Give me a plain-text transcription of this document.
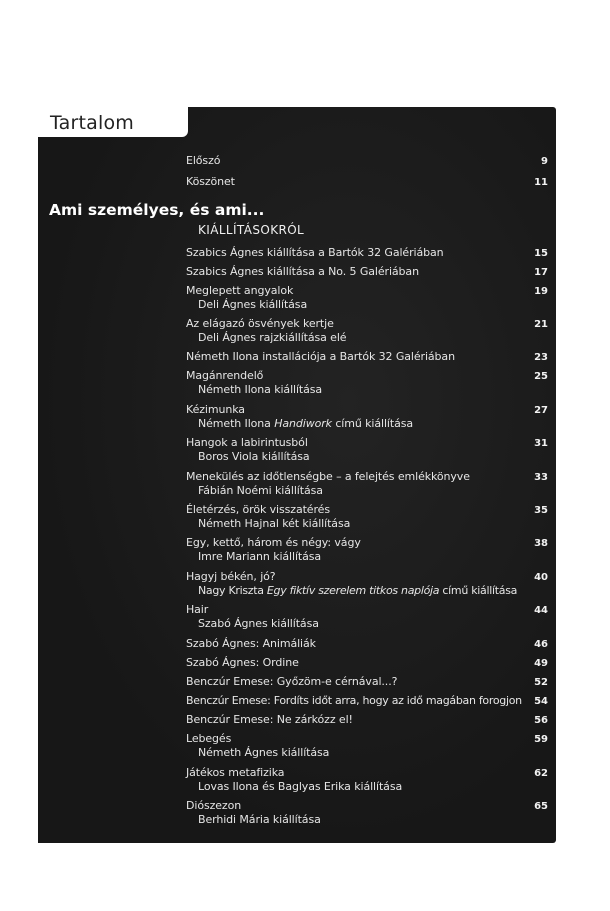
Tartalom
Előszó	9
Köszönet	11
Ami személyes, és ami...
KIÁLLÍTÁSOKRÓL
Szabics Ágnes kiállítása a Bartók 32 Galériában	15
Szabics Ágnes kiállítása a No. 5 Galériában	17
Meglepett angyalok	19
Deli Ágnes kiállítása
Az elágazó ösvények kertje	21
Deli Ágnes rajzkiállítása elé
Németh Ilona installációja a Bartók 32 Galériában	23
Magánrendelő	25
Németh Ilona kiállítása
Kézimunka	27
Németh Ilona Handiwork című kiállítása
Hangok a labirintusból	31
Boros Viola kiállítása
Menekülés az időtlenségbe – a felejtés emlékkönyve	33
Fábián Noémi kiállítása
Életérzés, örök visszatérés	35
Németh Hajnal két kiállítása
Egy, kettő, három és négy: vágy	38
Imre Mariann kiállítása
Hagyj békén, jó?	40
Nagy Kriszta Egy fiktív szerelem titkos naplója című kiállítása
Hair	44
Szabó Ágnes kiállítása
Szabó Ágnes: Animáliák	46
Szabó Ágnes: Ordine	49
Benczúr Emese: Győzöm-e cérnával...?	52
Benczúr Emese: Fordíts időt arra, hogy az idő magában forogjon	54
Benczúr Emese: Ne zárkózz el!	56
Lebegés	59
Németh Ágnes kiállítása
Játékos metafizika	62
Lovas Ilona és Baglyas Erika kiállítása
Diószezon	65
Berhidi Mária kiállítása
